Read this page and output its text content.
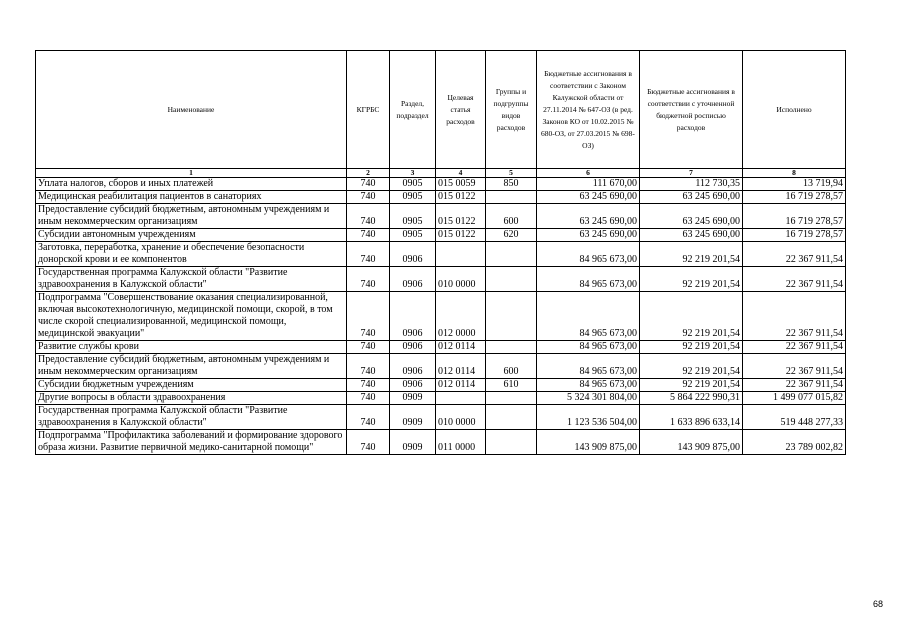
Наименование	КГРБС	Раздел, подраздел	Целевая статья расходов	Группы и подгруппы видов расходов	Бюджетные ассигнования в соответствии с Законом Калужской области от 27.11.2014 № 647-ОЗ (в ред. Законов КО от 10.02.2015 № 680-ОЗ, от 27.03.2015 № 698-ОЗ)	Бюджетные ассигнования в соответствии с уточненной бюджетной росписью расходов	Исполнено
1	2	3	4	5	6	7	8
Уплата налогов, сборов и иных платежей	740	0905	015 0059	850	111 670,00	112 730,35	13 719,94
Медицинская реабилитация пациентов в санаториях	740	0905	015 0122		63 245 690,00	63 245 690,00	16 719 278,57
Предоставление субсидий бюджетным, автономным учреждениям и иным некоммерческим организациям	740	0905	015 0122	600	63 245 690,00	63 245 690,00	16 719 278,57
Субсидии автономным учреждениям	740	0905	015 0122	620	63 245 690,00	63 245 690,00	16 719 278,57
Заготовка, переработка, хранение и обеспечение безопасности донорской крови и ее компонентов	740	0906			84 965 673,00	92 219 201,54	22 367 911,54
Государственная программа Калужской области "Развитие здравоохранения в Калужской области"	740	0906	010 0000		84 965 673,00	92 219 201,54	22 367 911,54
Подпрограмма "Совершенствование оказания специализированной, включая высокотехнологичную, медицинской помощи, скорой, в том числе скорой специализированной, медицинской помощи, медицинской эвакуации"	740	0906	012 0000		84 965 673,00	92 219 201,54	22 367 911,54
Развитие службы крови	740	0906	012 0114		84 965 673,00	92 219 201,54	22 367 911,54
Предоставление субсидий бюджетным, автономным учреждениям и иным некоммерческим организациям	740	0906	012 0114	600	84 965 673,00	92 219 201,54	22 367 911,54
Субсидии бюджетным учреждениям	740	0906	012 0114	610	84 965 673,00	92 219 201,54	22 367 911,54
Другие вопросы в области здравоохранения	740	0909			5 324 301 804,00	5 864 222 990,31	1 499 077 015,82
Государственная программа Калужской области "Развитие здравоохранения в Калужской области"	740	0909	010 0000		1 123 536 504,00	1 633 896 633,14	519 448 277,33
Подпрограмма "Профилактика заболеваний и формирование здорового образа жизни. Развитие первичной медико-санитарной помощи"	740	0909	011 0000		143 909 875,00	143 909 875,00	23 789 002,82
68
